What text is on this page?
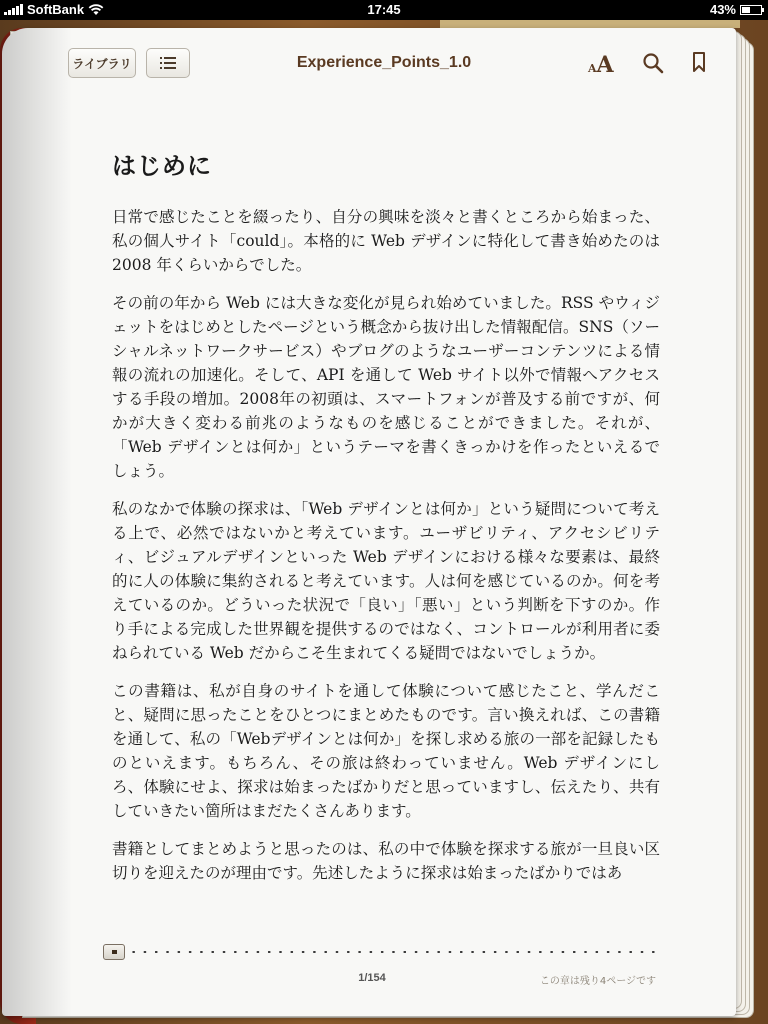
SoftBank	17:45	43%
ライブラリ	Experience_Points_1.0	AA
はじめに

日常で感じたことを綴ったり、自分の興味を淡々と書くところから始まった、私の個人サイト「could」。本格的に Web デザインに特化して書き始めたのは 2008 年くらいからでした。

その前の年から Web には大きな変化が見られ始めていました。RSS やウィジェットをはじめとしたページという概念から抜け出した情報配信。SNS（ソーシャルネットワークサービス）やブログのようなユーザーコンテンツによる情報の流れの加速化。そして、API を通して Web サイト以外で情報へアクセスする手段の増加。2008年の初頭は、スマートフォンが普及する前ですが、何かが大きく変わる前兆のようなものを感じることができました。それが、「Web デザインとは何か」というテーマを書くきっかけを作ったといえるでしょう。

私のなかで体験の探求は、「Web デザインとは何か」という疑問について考える上で、必然ではないかと考えています。ユーザビリティ、アクセシビリティ、ビジュアルデザインといった Web デザインにおける様々な要素は、最終的に人の体験に集約されると考えています。人は何を感じているのか。何を考えているのか。どういった状況で「良い」「悪い」という判断を下すのか。作り手による完成した世界観を提供するのではなく、コントロールが利用者に委ねられている Web だからこそ生まれてくる疑問ではないでしょうか。

この書籍は、私が自身のサイトを通して体験について感じたこと、学んだこと、疑問に思ったことをひとつにまとめたものです。言い換えれば、この書籍を通して、私の「Webデザインとは何か」を探し求める旅の一部を記録したものといえます。もちろん、その旅は終わっていません。Web デザインにしろ、体験にせよ、探求は始まったばかりだと思っていますし、伝えたり、共有していきたい箇所はまだたくさんあります。

書籍としてまとめようと思ったのは、私の中で体験を探求する旅が一旦良い区切りを迎えたのが理由です。先述したように探求は始まったばかりではあ

1/154	この章は残り4ページです
